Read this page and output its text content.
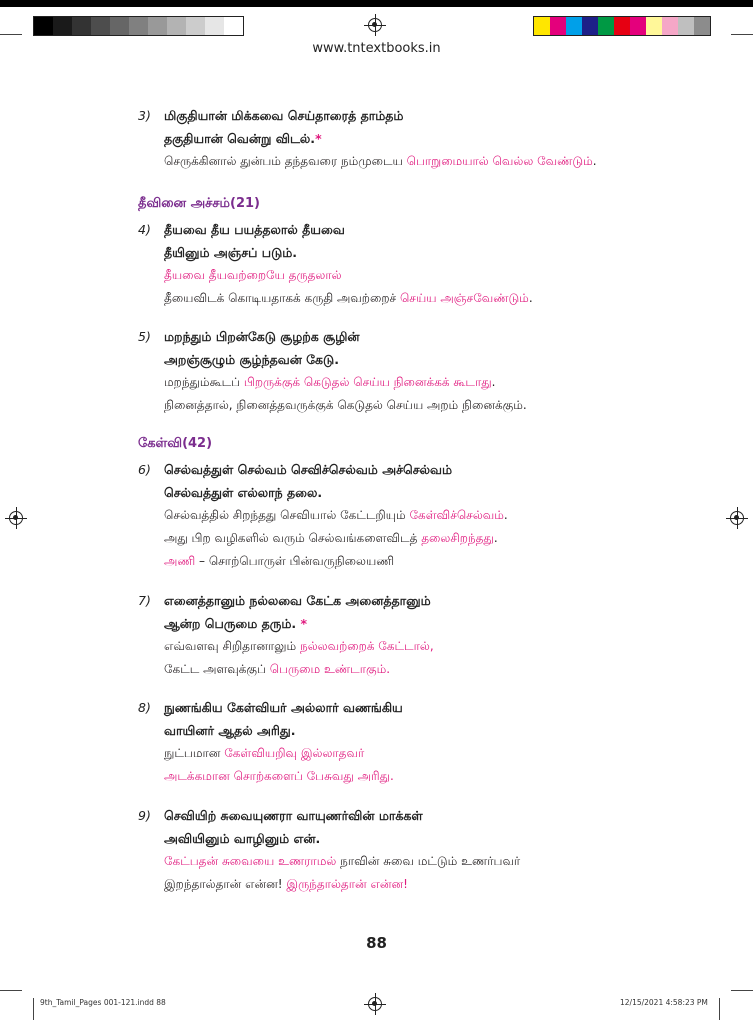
www.tntextbooks.in
3) மிகுதியான் மிக்கவை செய்தாரைத் தாம்தம்
தகுதியான் வென்று விடல்.*
செருக்கினால் துன்பம் தந்தவரை நம்முடைய பொறுமையால் வெல்ல வேண்டும்.
தீவினை அச்சம்(21)
4) தீயவை தீய பயத்தலால் தீயவை
தீயினும் அஞ்சப் படும்.
தீயவை தீயவற்றையே தருதலால்
தீயைவிடக் கொடியதாகக் கருதி அவற்றைச் செய்ய அஞ்சவேண்டும்.
5) மறந்தும் பிறன்கேடு சூழற்க சூழின்
அறஞ்சூழும் சூழ்ந்தவன் கேடு.
மறந்தும்கூடப் பிறருக்குக் கெடுதல் செய்ய நினைக்கக் கூடாது.
நினைத்தால், நினைத்தவருக்குக் கெடுதல் செய்ய அறம் நினைக்கும்.
கேள்வி(42)
6) செல்வத்துள் செல்வம் செவிச்செல்வம் அச்செல்வம்
செல்வத்துள் எல்லாந் தலை.
செல்வத்தில் சிறந்தது செவியால் கேட்டறியும் கேள்விச்செல்வம்.
அது பிற வழிகளில் வரும் செல்வங்களைவிடத் தலைசிறந்தது.
அணி – சொற்பொருள் பின்வருநிலையணி
7) எனைத்தானும் நல்லவை கேட்க அனைத்தானும்
ஆன்ற பெருமை தரும். *
எவ்வளவு சிறிதானாலும் நல்லவற்றைக் கேட்டால்,
கேட்ட அளவுக்குப் பெருமை உண்டாகும்.
8) நுணங்கிய கேள்வியர் அல்லார் வணங்கிய
வாயினர் ஆதல் அரிது.
நுட்பமான கேள்வியறிவு இல்லாதவர்
அடக்கமான சொற்களைப் பேசுவது அரிது.
9) செவியிற் சுவையுணரா வாயுணர்வின் மாக்கள்
அவியினும் வாழினும் என்.
கேட்பதன் சுவையை உணராமல் நாவின் சுவை மட்டும் உணர்பவர்
இறந்தால்தான் என்ன! இருந்தால்தான் என்ன!
88
9th_Tamil_Pages 001-121.indd 88	12/15/2021 4:58:23 PM
